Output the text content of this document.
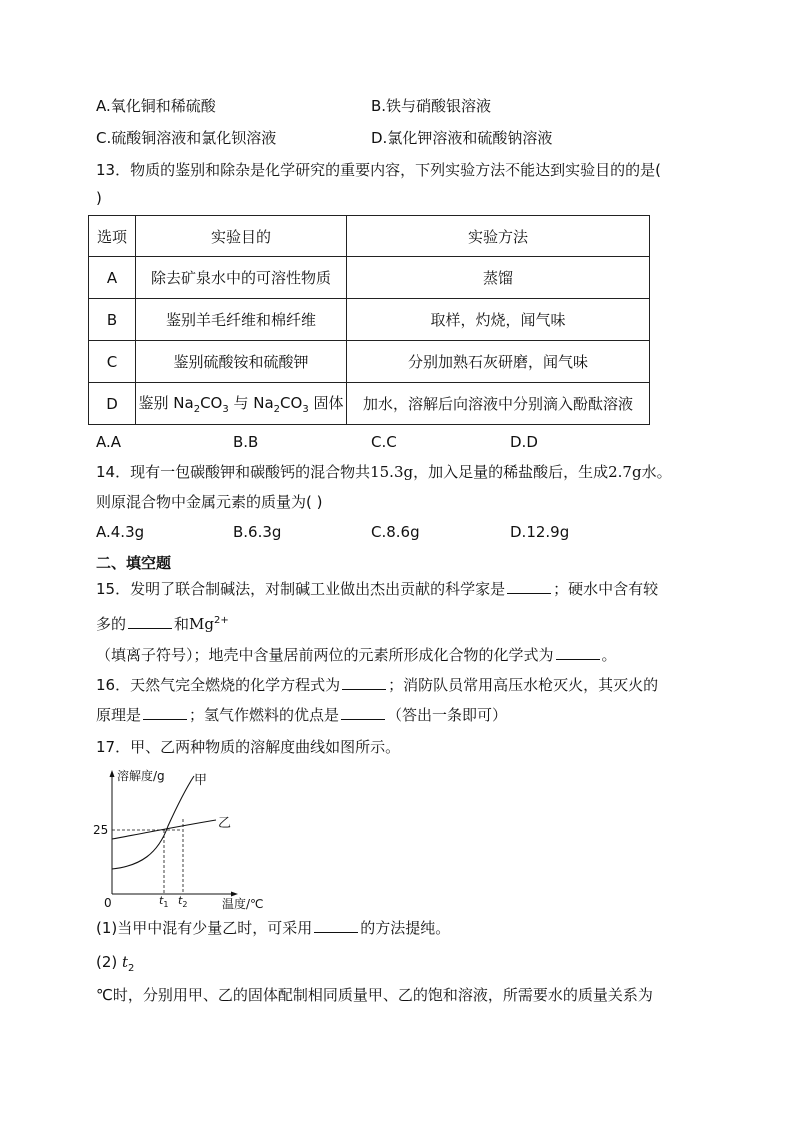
A.氧化铜和稀硫酸	B.铁与硝酸银溶液
C.硫酸铜溶液和氯化钡溶液	D.氯化钾溶液和硫酸钠溶液
13．物质的鉴别和除杂是化学研究的重要内容，下列实验方法不能达到实验目的的是(
)
选项	实验目的	实验方法
A	除去矿泉水中的可溶性物质	蒸馏
B	鉴别羊毛纤维和棉纤维	取样，灼烧，闻气味
C	鉴别硫酸铵和硫酸钾	分别加熟石灰研磨，闻气味
D	鉴别 $Na_2CO_3$ 与 $Na_2CO_3$ 固体	加水，溶解后向溶液中分别滴入酚酞溶液
A.A	B.B	C.C	D.D
14．现有一包碳酸钾和碳酸钙的混合物共15.3g，加入足量的稀盐酸后，生成2.7g水。
则原混合物中金属元素的质量为( )
A.4.3g	B.6.3g	C.8.6g	D.12.9g
二、填空题
15．发明了联合制碱法，对制碱工业做出杰出贡献的科学家是	；硬水中含有较
多的	和$Mg^{2+}$
（填离子符号）；地壳中含量居前两位的元素所形成化合物的化学式为	。
16．天然气完全燃烧的化学方程式为	；消防队员常用高压水枪灭火，其灭火的
原理是	；氢气作燃料的优点是	（答出一条即可）
17．甲、乙两种物质的溶解度曲线如图所示。
溶解度/g
温度/℃
0
25
甲
乙
$t_1$ $t_2$
(1)当甲中混有少量乙时，可采用	的方法提纯。
(2) $t_2$
℃时，分别用甲、乙的固体配制相同质量甲、乙的饱和溶液，所需要水的质量关系为
